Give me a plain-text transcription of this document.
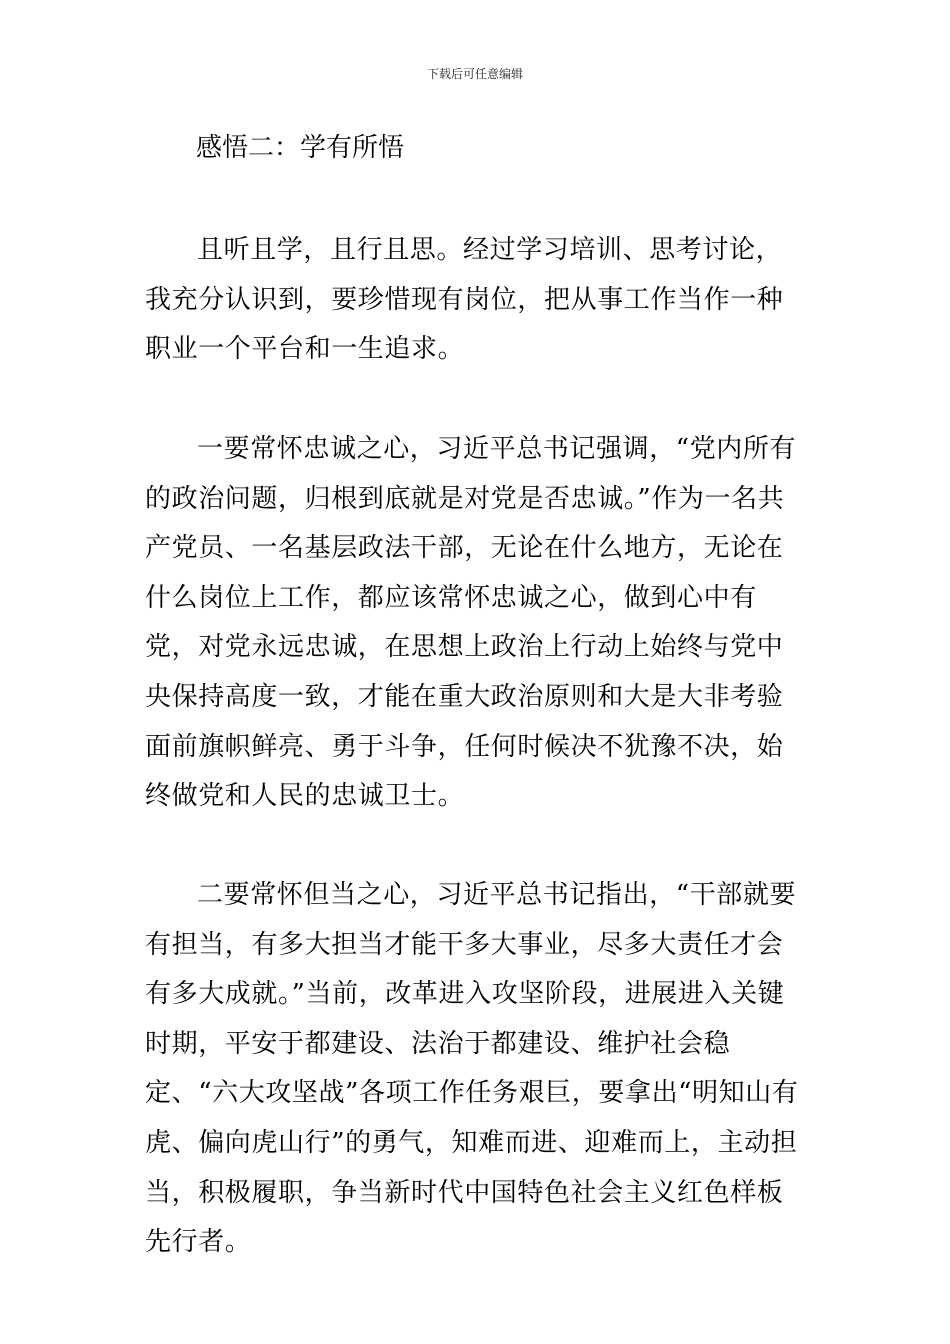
下载后可任意编辑
感悟二：学有所悟

且听且学，且行且思。经过学习培训、思考讨论，我充分认识到，要珍惜现有岗位，把从事工作当作一种职业一个平台和一生追求。

一要常怀忠诚之心，习近平总书记强调，“党内所有的政治问题，归根到底就是对党是否忠诚。”作为一名共产党员、一名基层政法干部，无论在什么地方，无论在什么岗位上工作，都应该常怀忠诚之心，做到心中有党，对党永远忠诚，在思想上政治上行动上始终与党中央保持高度一致，才能在重大政治原则和大是大非考验面前旗帜鲜亮、勇于斗争，任何时候决不犹豫不决，始终做党和人民的忠诚卫士。

二要常怀但当之心，习近平总书记指出，“干部就要有担当，有多大担当才能干多大事业，尽多大责任才会有多大成就。”当前，改革进入攻坚阶段，进展进入关键时期，平安于都建设、法治于都建设、维护社会稳定、“六大攻坚战”各项工作任务艰巨，要拿出“明知山有虎、偏向虎山行”的勇气，知难而进、迎难而上，主动担当，积极履职，争当新时代中国特色社会主义红色样板先行者。
